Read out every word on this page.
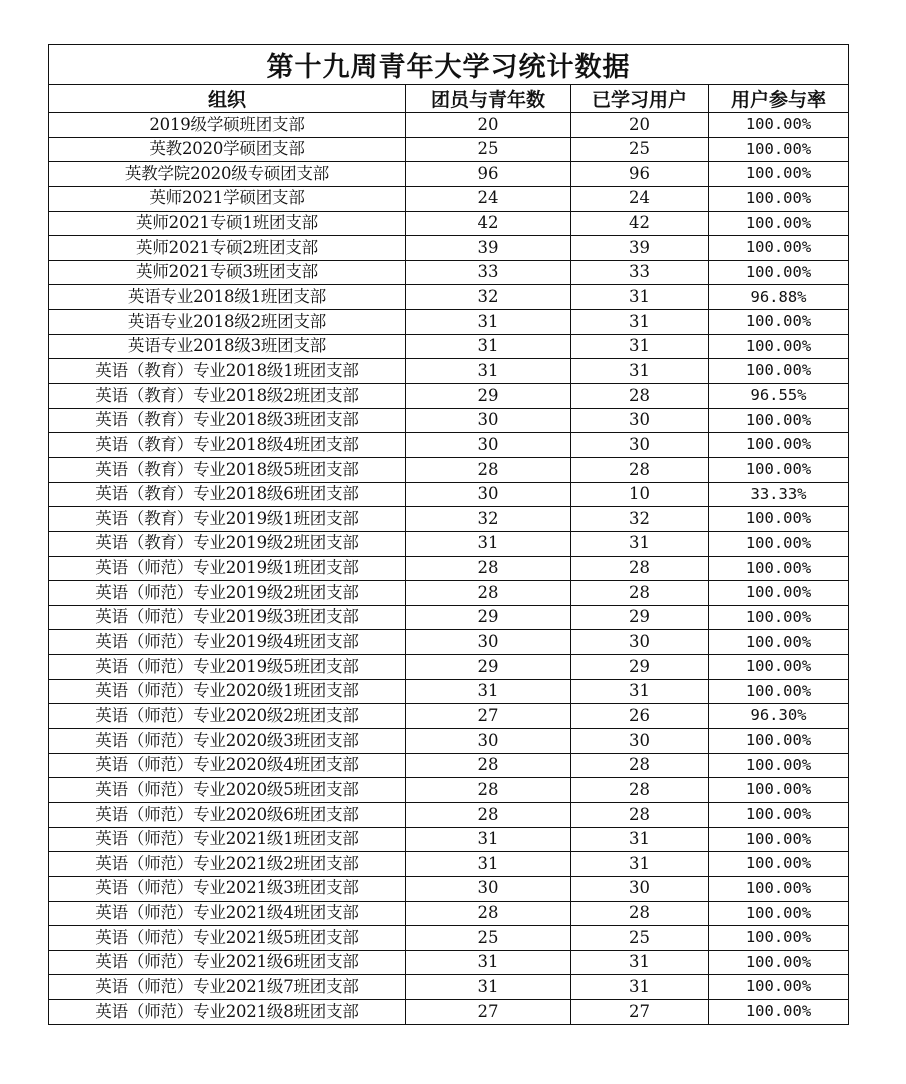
第十九周青年大学习统计数据			
组织	团员与青年数	已学习用户	用户参与率
2019级学硕班团支部	20	20	100.00%
英教2020学硕团支部	25	25	100.00%
英教学院2020级专硕团支部	96	96	100.00%
英师2021学硕团支部	24	24	100.00%
英师2021专硕1班团支部	42	42	100.00%
英师2021专硕2班团支部	39	39	100.00%
英师2021专硕3班团支部	33	33	100.00%
英语专业2018级1班团支部	32	31	96.88%
英语专业2018级2班团支部	31	31	100.00%
英语专业2018级3班团支部	31	31	100.00%
英语（教育）专业2018级1班团支部	31	31	100.00%
英语（教育）专业2018级2班团支部	29	28	96.55%
英语（教育）专业2018级3班团支部	30	30	100.00%
英语（教育）专业2018级4班团支部	30	30	100.00%
英语（教育）专业2018级5班团支部	28	28	100.00%
英语（教育）专业2018级6班团支部	30	10	33.33%
英语（教育）专业2019级1班团支部	32	32	100.00%
英语（教育）专业2019级2班团支部	31	31	100.00%
英语（师范）专业2019级1班团支部	28	28	100.00%
英语（师范）专业2019级2班团支部	28	28	100.00%
英语（师范）专业2019级3班团支部	29	29	100.00%
英语（师范）专业2019级4班团支部	30	30	100.00%
英语（师范）专业2019级5班团支部	29	29	100.00%
英语（师范）专业2020级1班团支部	31	31	100.00%
英语（师范）专业2020级2班团支部	27	26	96.30%
英语（师范）专业2020级3班团支部	30	30	100.00%
英语（师范）专业2020级4班团支部	28	28	100.00%
英语（师范）专业2020级5班团支部	28	28	100.00%
英语（师范）专业2020级6班团支部	28	28	100.00%
英语（师范）专业2021级1班团支部	31	31	100.00%
英语（师范）专业2021级2班团支部	31	31	100.00%
英语（师范）专业2021级3班团支部	30	30	100.00%
英语（师范）专业2021级4班团支部	28	28	100.00%
英语（师范）专业2021级5班团支部	25	25	100.00%
英语（师范）专业2021级6班团支部	31	31	100.00%
英语（师范）专业2021级7班团支部	31	31	100.00%
英语（师范）专业2021级8班团支部	27	27	100.00%
